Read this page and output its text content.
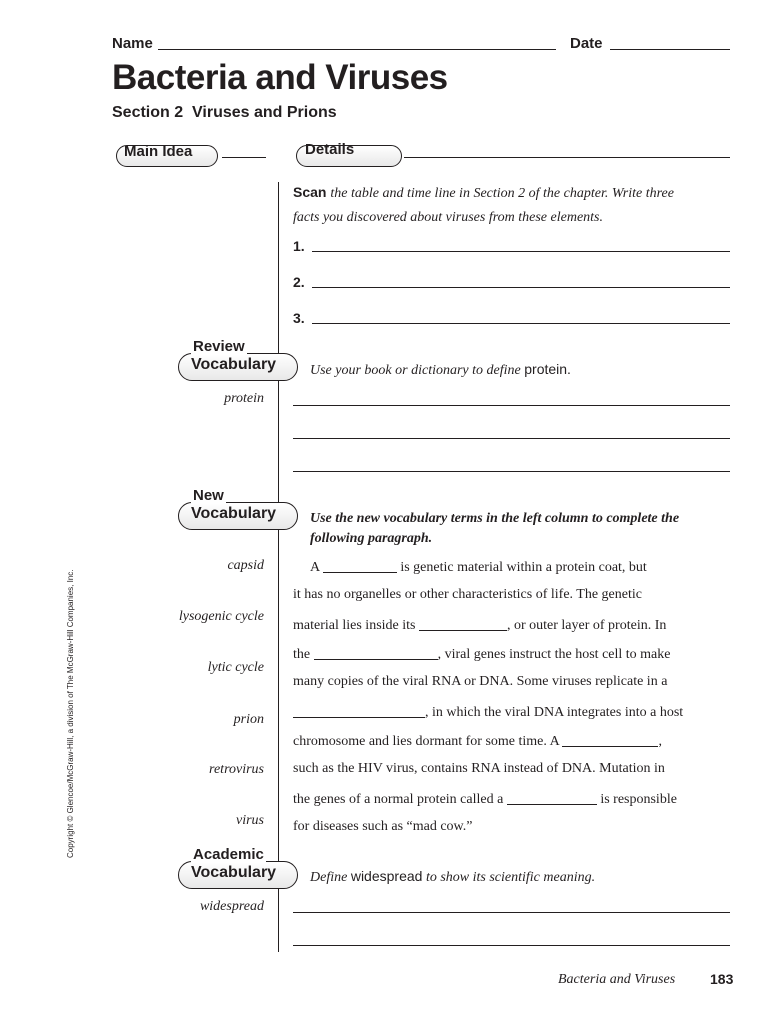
Name	Date
Bacteria and Viruses
Section 2  Viruses and Prions
Main Idea	Details
Scan the table and time line in Section 2 of the chapter. Write three
facts you discovered about viruses from these elements.
1.
2.
3.
Review
Vocabulary Use your book or dictionary to define protein.
protein
New
Vocabulary Use the new vocabulary terms in the left column to complete the
following paragraph.
capsid
lysogenic cycle
lytic cycle
prion
retrovirus
virus
A	is genetic material within a protein coat, but
it has no organelles or other characteristics of life. The genetic
material lies inside its	, or outer layer of protein. In
the	, viral genes instruct the host cell to make
many copies of the viral RNA or DNA. Some viruses replicate in a
, in which the viral DNA integrates into a host
chromosome and lies dormant for some time. A	,
such as the HIV virus, contains RNA instead of DNA. Mutation in
the genes of a normal protein called a	is responsible
for diseases such as “mad cow.”
Academic
Vocabulary Define widespread to show its scientific meaning.
widespread
Copyright © Glencoe/McGraw-Hill, a division of The McGraw-Hill Companies, Inc.
Bacteria and Viruses 183
